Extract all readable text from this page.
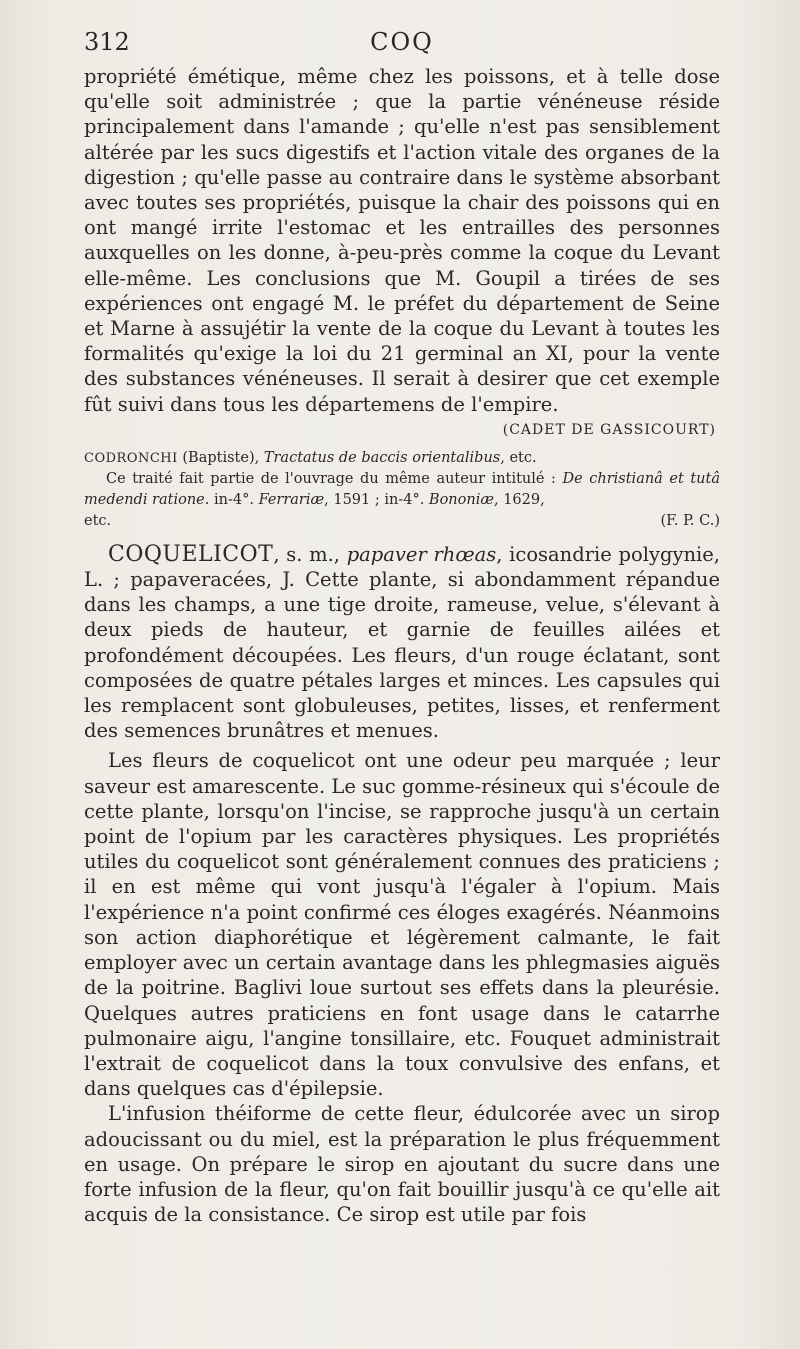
312	COQ

propriété émétique, même chez les poissons, et à telle dose qu'elle soit administrée ; que la partie vénéneuse réside principalement dans l'amande ; qu'elle n'est pas sensiblement altérée par les sucs digestifs et l'action vitale des organes de la digestion ; qu'elle passe au contraire dans le système absorbant avec toutes ses propriétés, puisque la chair des poissons qui en ont mangé irrite l'estomac et les entrailles des personnes auxquelles on les donne, à-peu-près comme la coque du Levant elle-même. Les conclusions que M. Goupil a tirées de ses expériences ont engagé M. le préfet du département de Seine et Marne à assujétir la vente de la coque du Levant à toutes les formalités qu'exige la loi du 21 germinal an XI, pour la vente des substances vénéneuses. Il serait à desirer que cet exemple fût suivi dans tous les départemens de l'empire.

(CADET DE GASSICOURT)

CODRONCHI (Baptiste), Tractatus de baccis orientalibus, etc.

Ce traité fait partie de l'ouvrage du même auteur intitulé : De christianâ et tutâ medendi ratione. in-4°. Ferrariæ, 1591 ; in-4°. Bononiæ, 1629,

etc.	(F. P. C.)

COQUELICOT, s. m., papaver rhœas, icosandrie polygynie, L. ; papaveracées, J. Cette plante, si abondamment répandue dans les champs, a une tige droite, rameuse, velue, s'élevant à deux pieds de hauteur, et garnie de feuilles ailées et profondément découpées. Les fleurs, d'un rouge éclatant, sont composées de quatre pétales larges et minces. Les capsules qui les remplacent sont globuleuses, petites, lisses, et renferment des semences brunâtres et menues.

Les fleurs de coquelicot ont une odeur peu marquée ; leur saveur est amarescente. Le suc gomme-résineux qui s'écoule de cette plante, lorsqu'on l'incise, se rapproche jusqu'à un certain point de l'opium par les caractères physiques. Les propriétés utiles du coquelicot sont généralement connues des praticiens ; il en est même qui vont jusqu'à l'égaler à l'opium. Mais l'expérience n'a point confirmé ces éloges exagérés. Néanmoins son action diaphorétique et légèrement calmante, le fait employer avec un certain avantage dans les phlegmasies aiguës de la poitrine. Baglivi loue surtout ses effets dans la pleurésie. Quelques autres praticiens en font usage dans le catarrhe pulmonaire aigu, l'angine tonsillaire, etc. Fouquet administrait l'extrait de coquelicot dans la toux convulsive des enfans, et dans quelques cas d'épilepsie.

L'infusion théiforme de cette fleur, édulcorée avec un sirop adoucissant ou du miel, est la préparation le plus fréquemment en usage. On prépare le sirop en ajoutant du sucre dans une forte infusion de la fleur, qu'on fait bouillir jusqu'à ce qu'elle ait acquis de la consistance. Ce sirop est utile par fois
